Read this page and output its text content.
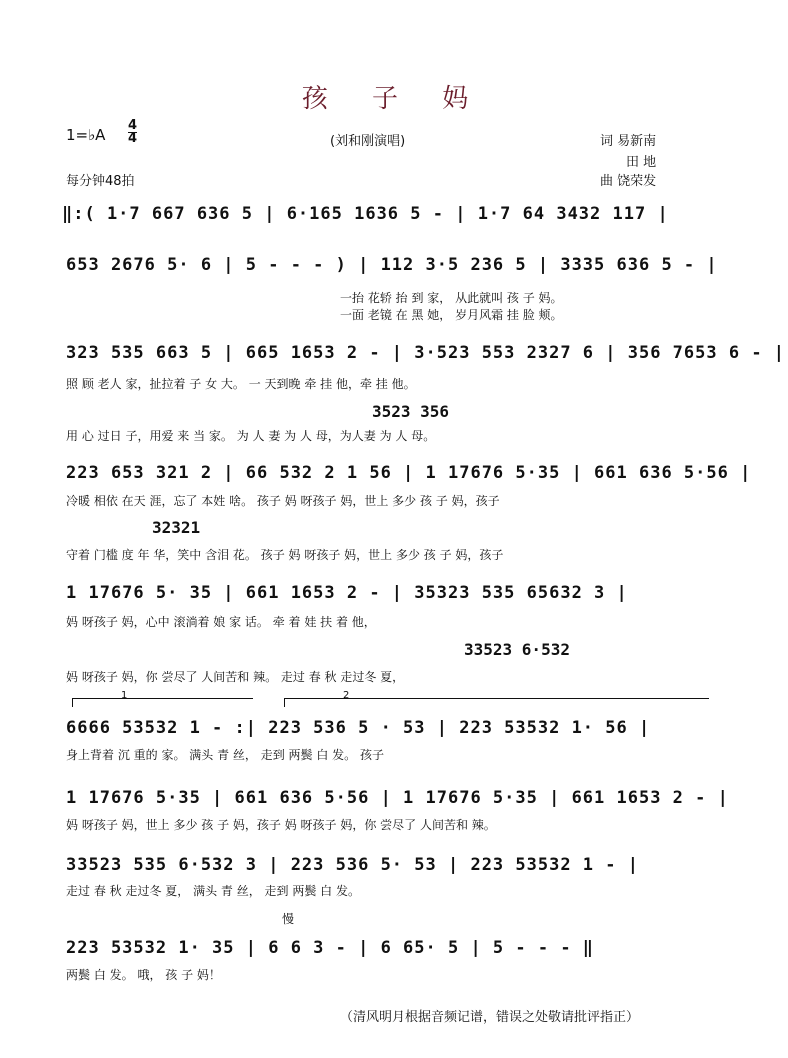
孩 子 妈
1=♭A $\frac{4}{4}$	(刘和刚演唱)	词 易新南
田 地
曲 饶荣发
每分钟48拍
‖:( 1·7 667 636 5 | 6·165 1636 5 - | 1·7 64 3432 117 |
653 2676 5· 6 | 5 - - - ) | 112 3·5 236 5 | 3335 636 5 - |
一抬 花轿 抬 到 家， 从此就叫 孩 子 妈。
一面 老镜 在 黑 她， 岁月风霜 挂 脸 颊。
323 535 663 5 | 665 1653 2 - | 3·523 553 2327 6 | 356 7653 6 - |
照 顾 老人 家，扯拉着 子 女 大。 一 天到晚 牵 挂 他，牵 挂 他。
3523 356
用 心 过日 子，用爱 来 当 家。 为 人 妻 为 人 母，为人妻 为 人 母。
223 653 321 2 | 66 532 2 1 56 | 1 17676 5·35 | 661 636 5·56 |
冷暖 相依 在天 涯，忘了 本姓 啥。 孩子 妈 呀孩子 妈，世上 多少 孩 子 妈，孩子
32321
守着 门槛 度 年 华，笑中 含泪 花。 孩子 妈 呀孩子 妈，世上 多少 孩 子 妈，孩子
1 17676 5· 35 | 661 1653 2 - | 35323 535 65632 3 |
妈 呀孩子 妈，心中 滚淌着 娘 家 话。 牵 着 娃 扶 着 他，
33523 6·532
妈 呀孩子 妈，你 尝尽了 人间苦和 辣。 走过 春 秋 走过冬 夏，
1	2
6666 53532 1 - :| 223 536 5 · 53 | 223 53532 1· 56 |
身上背着 沉 重的 家。 满头 青 丝， 走到 两鬓 白 发。 孩子
1 17676 5·35 | 661 636 5·56 | 1 17676 5·35 | 661 1653 2 - |
妈 呀孩子 妈，世上 多少 孩 子 妈，孩子 妈 呀孩子 妈，你 尝尽了 人间苦和 辣。
33523 535 6·532 3 | 223 536 5· 53 | 223 53532 1 - |
走过 春 秋 走过冬 夏， 满头 青 丝， 走到 两鬓 白 发。
慢
223 53532 1· 35 | 6 6 3 - | 6 65· 5 | 5 - - - ‖
两鬓 白 发。 哦， 孩 子 妈！
（清风明月根据音频记谱，错误之处敬请批评指正）
